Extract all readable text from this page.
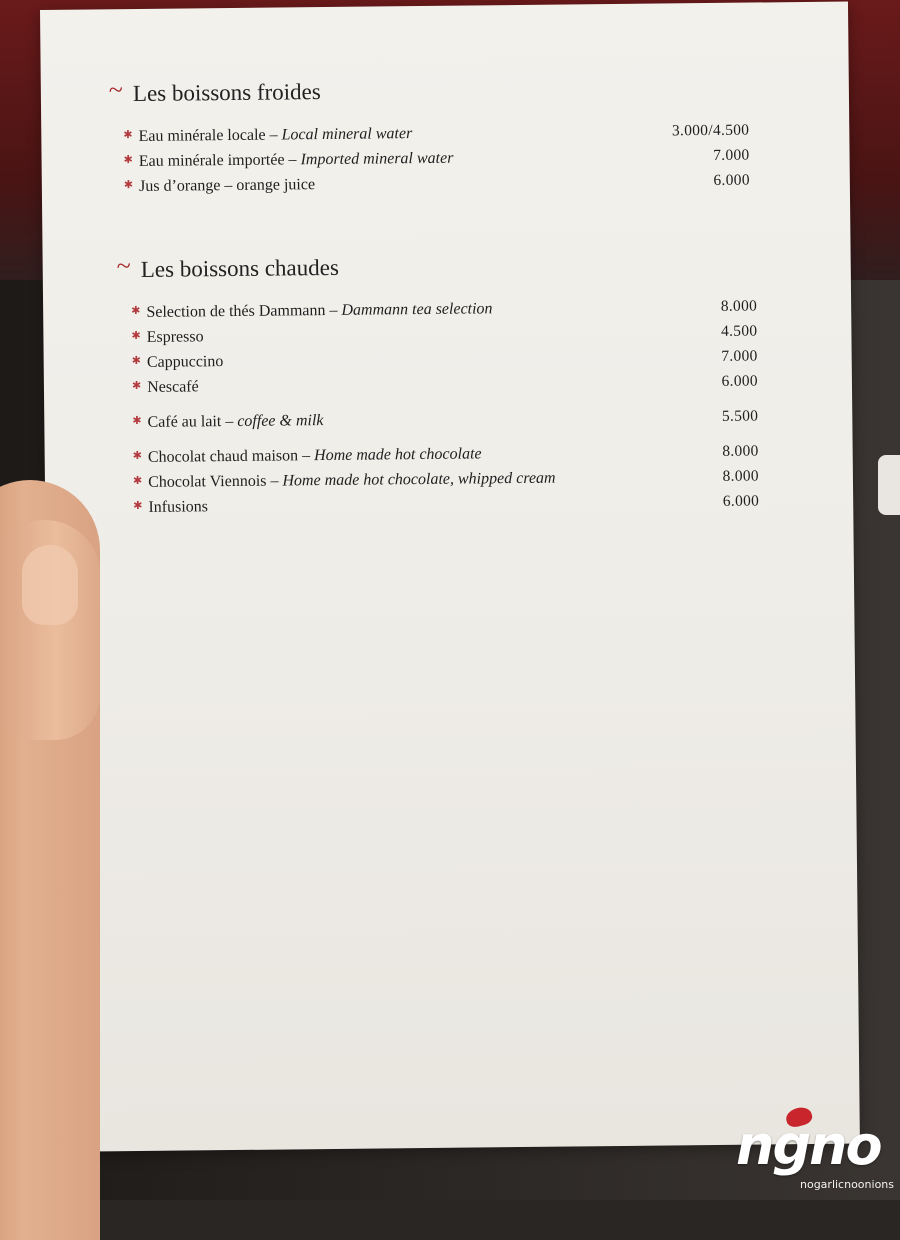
~ Les boissons froides
✱ Eau minérale locale – Local mineral water	3.000/4.500
✱ Eau minérale importée – Imported mineral water	7.000
✱ Jus d’orange – orange juice	6.000
~ Les boissons chaudes
✱ Selection de thés Dammann – Dammann tea selection	8.000
✱ Espresso	4.500
✱ Cappuccino	7.000
✱ Nescafé	6.000
✱ Café au lait – coffee & milk	5.500
✱ Chocolat chaud maison – Home made hot chocolate	8.000
✱ Chocolat Viennois – Home made hot chocolate, whipped cream	8.000
✱ Infusions	6.000
ngno
nogarlicnoonions
